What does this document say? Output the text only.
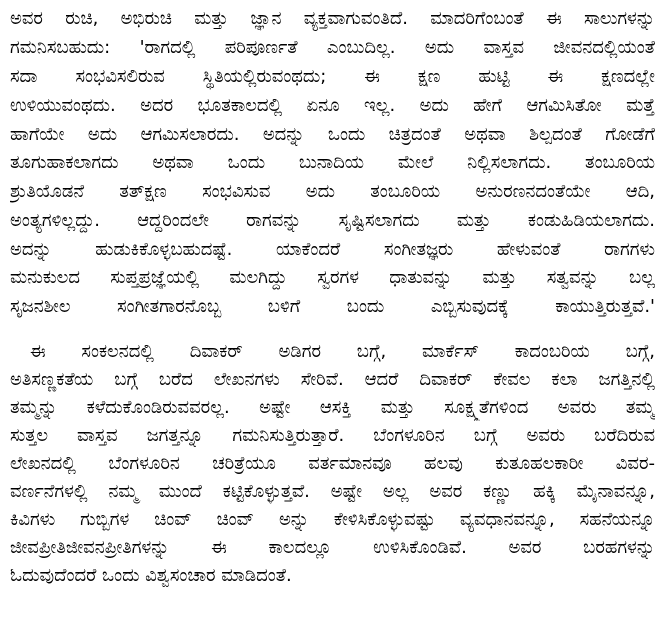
ಅವರ ರುಚಿ, ಅಭಿರುಚಿ ಮತ್ತು ಜ್ಞಾನ ವ್ಯಕ್ತವಾಗುವಂತಿದೆ. ಮಾದರಿಗೆಂಬಂತೆ ಈ ಸಾಲುಗಳನ್ನು
ಗಮನಿಸಬಹುದು: 'ರಾಗದಲ್ಲಿ ಪರಿಪೂರ್ಣತೆ ಎಂಬುದಿಲ್ಲ. ಅದು ವಾಸ್ತವ ಜೀವನದಲ್ಲಿಯಂತೆ
ಸದಾ ಸಂಭವಿಸಲಿರುವ ಸ್ಥಿತಿಯಲ್ಲಿರುವಂಥದು; ಈ ಕ್ಷಣ ಹುಟ್ಟಿ ಈ ಕ್ಷಣದಲ್ಲೇ
ಉಳಿಯುವಂಥದು. ಅದರ ಭೂತಕಾಲದಲ್ಲಿ ಏನೂ ಇಲ್ಲ. ಅದು ಹೇಗೆ ಆಗಮಿಸಿತೋ ಮತ್ತೆ
ಹಾಗೆಯೇ ಅದು ಆಗಮಿಸಲಾರದು. ಅದನ್ನು ಒಂದು ಚಿತ್ರದಂತೆ ಅಥವಾ ಶಿಲ್ಪದಂತೆ ಗೋಡೆಗೆ
ತೂಗುಹಾಕಲಾಗದು ಅಥವಾ ಒಂದು ಬುನಾದಿಯ ಮೇಲೆ ನಿಲ್ಲಿಸಲಾಗದು. ತಂಬೂರಿಯ
ಶ್ರುತಿಯೊಡನೆ ತತ್ಕ್ಷಣ ಸಂಭವಿಸುವ ಅದು ತಂಬೂರಿಯ ಅನುರಣನದಂತೆಯೇ ಆದಿ,
ಅಂತ್ಯಗಳಿಲ್ಲದ್ದು. ಆದ್ದರಿಂದಲೇ ರಾಗವನ್ನು ಸೃಷ್ಟಿಸಲಾಗದು ಮತ್ತು ಕಂಡುಹಿಡಿಯಲಾಗದು.
ಅದನ್ನು ಹುಡುಕಿಕೊಳ್ಳಬಹುದಷ್ಟೆ. ಯಾಕೆಂದರೆ ಸಂಗೀತಜ್ಞರು ಹೇಳುವಂತೆ ರಾಗಗಳು
ಮನುಕುಲದ ಸುಪ್ತಪ್ರಜ್ಞೆಯಲ್ಲಿ ಮಲಗಿದ್ದು ಸ್ವರಗಳ ಧಾತುವನ್ನು ಮತ್ತು ಸತ್ವವನ್ನು ಬಲ್ಲ
ಸೃಜನಶೀಲ ಸಂಗೀತಗಾರನೊಬ್ಬ ಬಳಿಗೆ ಬಂದು ಎಬ್ಬಿಸುವುದಕ್ಕೆ ಕಾಯುತ್ತಿರುತ್ತವೆ.'
ಈ ಸಂಕಲನದಲ್ಲಿ ದಿವಾಕರ್ ಅಡಿಗರ ಬಗ್ಗೆ, ಮಾರ್ಕೆಸ್ ಕಾದಂಬರಿಯ ಬಗ್ಗೆ,
ಅತಿಸಣ್ಣಕತೆಯ ಬಗ್ಗೆ ಬರೆದ ಲೇಖನಗಳು ಸೇರಿವೆ. ಆದರೆ ದಿವಾಕರ್ ಕೇವಲ ಕಲಾ ಜಗತ್ತಿನಲ್ಲಿ
ತಮ್ಮನ್ನು ಕಳೆದುಕೊಂಡಿರುವವರಲ್ಲ. ಅಷ್ಟೇ ಆಸಕ್ತಿ ಮತ್ತು ಸೂಕ್ಷ್ಮತೆಗಳಿಂದ ಅವರು ತಮ್ಮ
ಸುತ್ತಲ ವಾಸ್ತವ ಜಗತ್ತನ್ನೂ ಗಮನಿಸುತ್ತಿರುತ್ತಾರೆ. ಬೆಂಗಳೂರಿನ ಬಗ್ಗೆ ಅವರು ಬರೆದಿರುವ
ಲೇಖನದಲ್ಲಿ ಬೆಂಗಳೂರಿನ ಚರಿತ್ರೆಯೂ ವರ್ತಮಾನವೂ ಹಲವು ಕುತೂಹಲಕಾರೀ ವಿವರ-
ವರ್ಣನೆಗಳಲ್ಲಿ ನಮ್ಮ ಮುಂದೆ ಕಟ್ಟಿಕೊಳ್ಳುತ್ತವೆ. ಅಷ್ಟೇ ಅಲ್ಲ ಅವರ ಕಣ್ಣು ಹಕ್ಕಿ ಮೈನಾವನ್ನೂ,
ಕಿವಿಗಳು ಗುಬ್ಬಿಗಳ ಚಿಂವ್ ಚಿಂವ್ ಅನ್ನು ಕೇಳಿಸಿಕೊಳ್ಳುವಷ್ಟು ವ್ಯವಧಾನವನ್ನೂ, ಸಹನೆಯನ್ನೂ
ಜೀವಪ್ರೀತಿಜೀವನಪ್ರೀತಿಗಳನ್ನು ಈ ಕಾಲದಲ್ಲೂ ಉಳಿಸಿಕೊಂಡಿವೆ. ಅವರ ಬರಹಗಳನ್ನು
ಓದುವುದೆಂದರೆ ಒಂದು ವಿಶ್ವಸಂಚಾರ ಮಾಡಿದಂತೆ.
